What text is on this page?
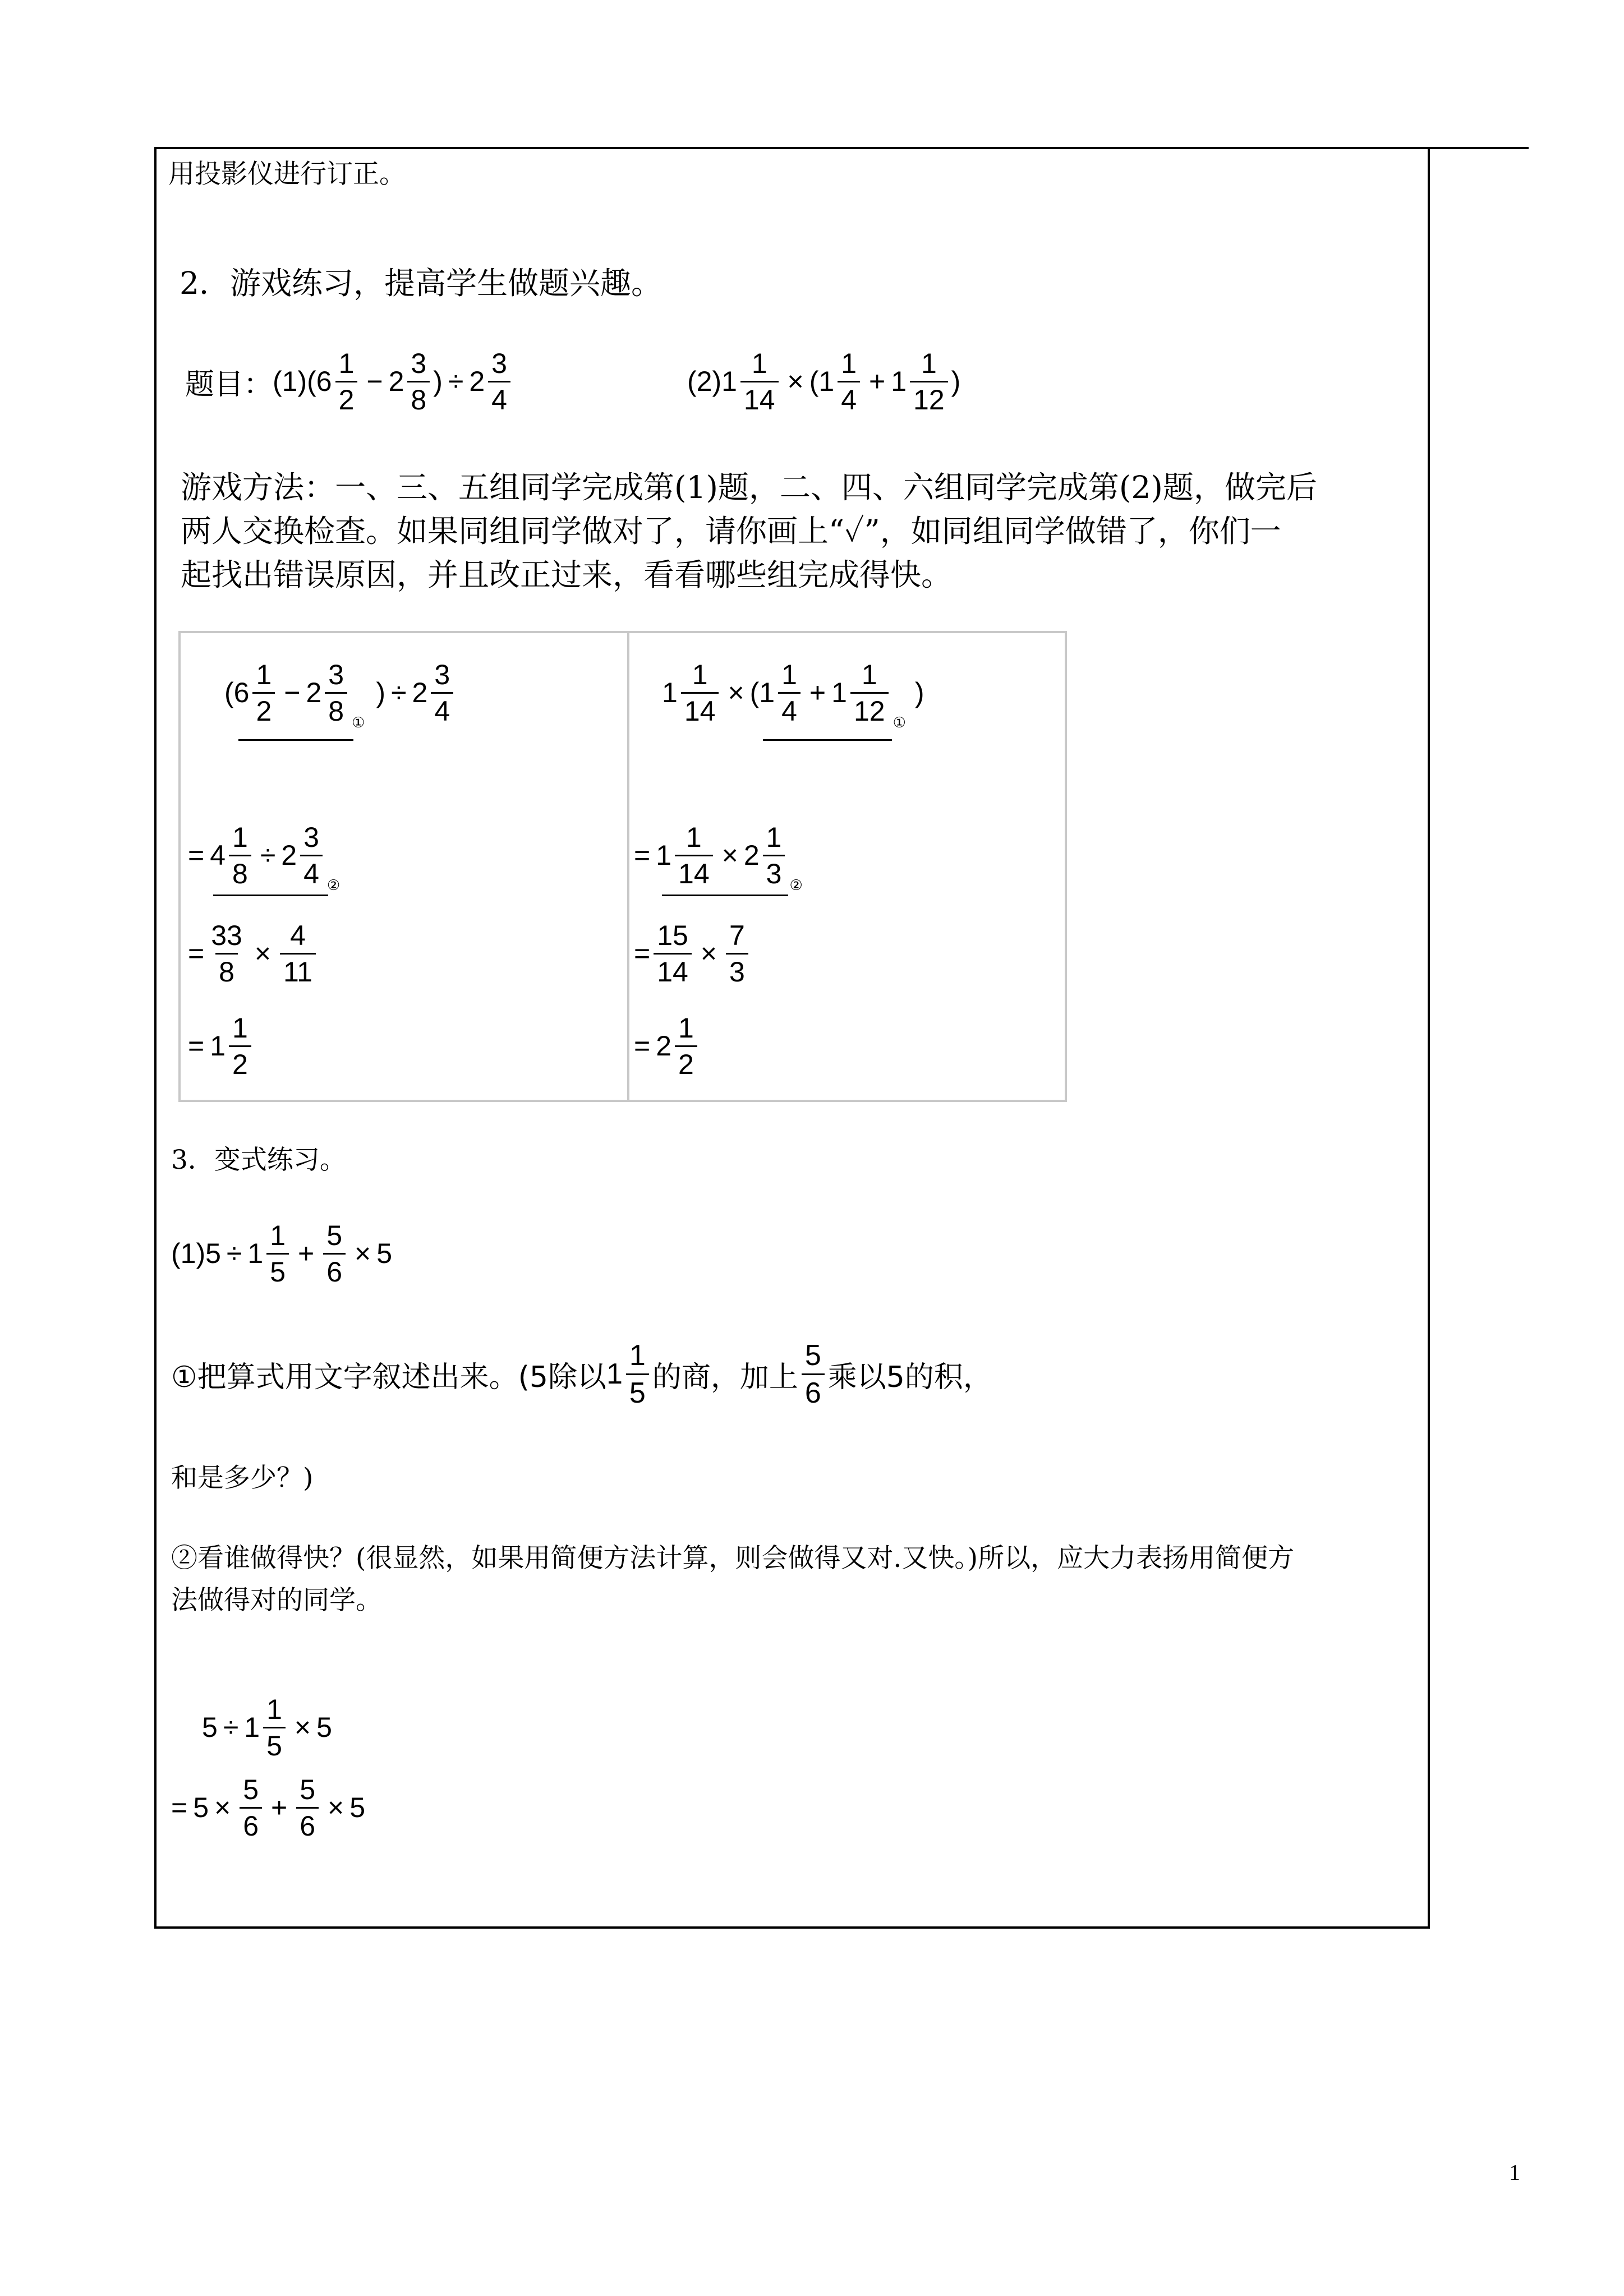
用投影仪进行订正。
2．游戏练习，提高学生做题兴趣。
题目： (1) ( $6 \frac{1}{2} - 2 \frac{3}{8}$ ) ÷ $2 \frac{3}{4}$	(2) $1 \frac{1}{14}$ × ( $1 \frac{1}{4} + 1 \frac{1}{12}$ )
游戏方法：一、三、五组同学完成第(1)题，二、四、六组同学完成第(2)题，做完后
两人交换检查。如果同组同学做对了，请你画上“✓”，如同组同学做错了，你们一
起找出错误原因，并且改正过来，看看哪些组完成得快。
( $6 \frac{1}{2} - 2 \frac{3}{8}$ ①
) ÷ $2 \frac{3}{4}$
= $4 \frac{1}{8} \div 2 \frac{3}{4}$ ②
= $\frac{33}{8} \times \frac{4}{11}$
= $1 \frac{1}{2}$
$1 \frac{1}{14}$ × ( $1 \frac{1}{4} + 1 \frac{1}{12}$ ①
)
= $1 \frac{1}{14} \times 2 \frac{1}{3}$ ②
= $\frac{15}{14} \times \frac{7}{3}$
= $2 \frac{1}{2}$
3．变式练习。
(1) $5 \div 1 \frac{1}{5} + \frac{5}{6} \times 5$
①把算式用文字叙述出来。(5除以 $1 \frac{1}{5}$ 的商，加上 $\frac{5}{6}$ 乘以5的积，
和是多少？)
②看谁做得快？(很显然，如果用简便方法计算，则会做得又对.又快。)所以，应大力表扬用简便方
法做得对的同学。
$5 \div 1 \frac{1}{5} \times 5$
= $5 \times \frac{5}{6} + \frac{5}{6} \times 5$
1
